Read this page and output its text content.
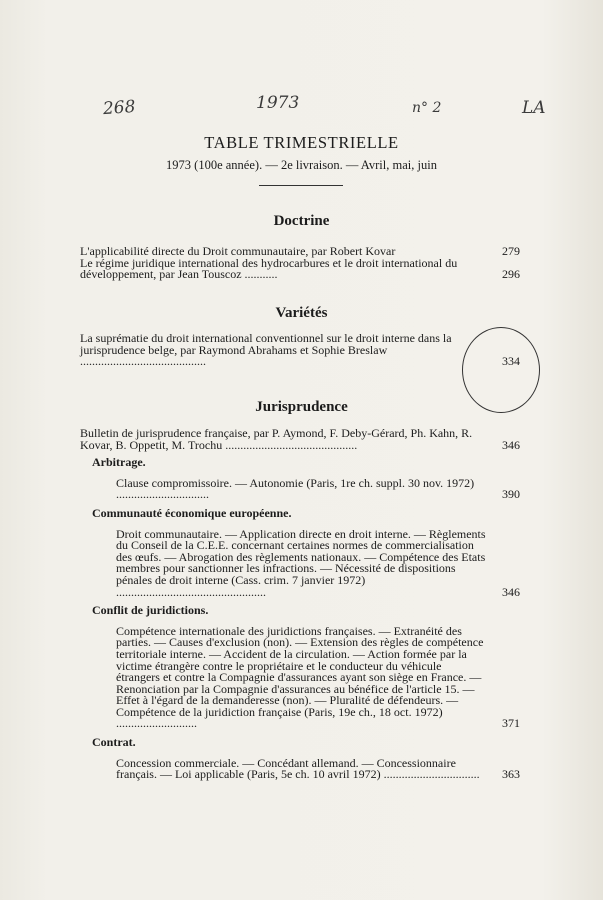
268	1973	n° 2	LA
TABLE TRIMESTRIELLE
1973 (100e année). — 2e livraison. — Avril, mai, juin
Doctrine
L'applicabilité directe du Droit communautaire, par Robert Kovar	279
Le régime juridique international des hydrocarbures et le droit international du développement, par Jean Touscoz ...........	296
Variétés
La suprématie du droit international conventionnel sur le droit interne dans la jurisprudence belge, par Raymond Abrahams et Sophie Breslaw ..........................................	334
Jurisprudence
Bulletin de jurisprudence française, par P. Aymond, F. Deby-Gérard, Ph. Kahn, R. Kovar, B. Oppetit, M. Trochu ............................................	346
Arbitrage.
Clause compromissoire. — Autonomie (Paris, 1re ch. suppl. 30 nov. 1972) ...............................	390
Communauté économique européenne.
Droit communautaire. — Application directe en droit interne. — Règlements du Conseil de la C.E.E. concernant certaines normes de commercialisation des œufs. — Abrogation des règlements nationaux. — Compétence des Etats membres pour sanctionner les infractions. — Nécessité de dispositions pénales de droit interne (Cass. crim. 7 janvier 1972) ..................................................	346
Conflit de juridictions.
Compétence internationale des juridictions françaises. — Extranéité des parties. — Causes d'exclusion (non). — Extension des règles de compétence territoriale interne. — Accident de la circulation. — Action formée par la victime étrangère contre le propriétaire et le conducteur du véhicule étrangers et contre la Compagnie d'assurances ayant son siège en France. — Renonciation par la Compagnie d'assurances au bénéfice de l'article 15. — Effet à l'égard de la demanderesse (non). — Pluralité de défendeurs. — Compétence de la juridiction française (Paris, 19e ch., 18 oct. 1972) ...........................	371
Contrat.
Concession commerciale. — Concédant allemand. — Concessionnaire français. — Loi applicable (Paris, 5e ch. 10 avril 1972) ................................	363
